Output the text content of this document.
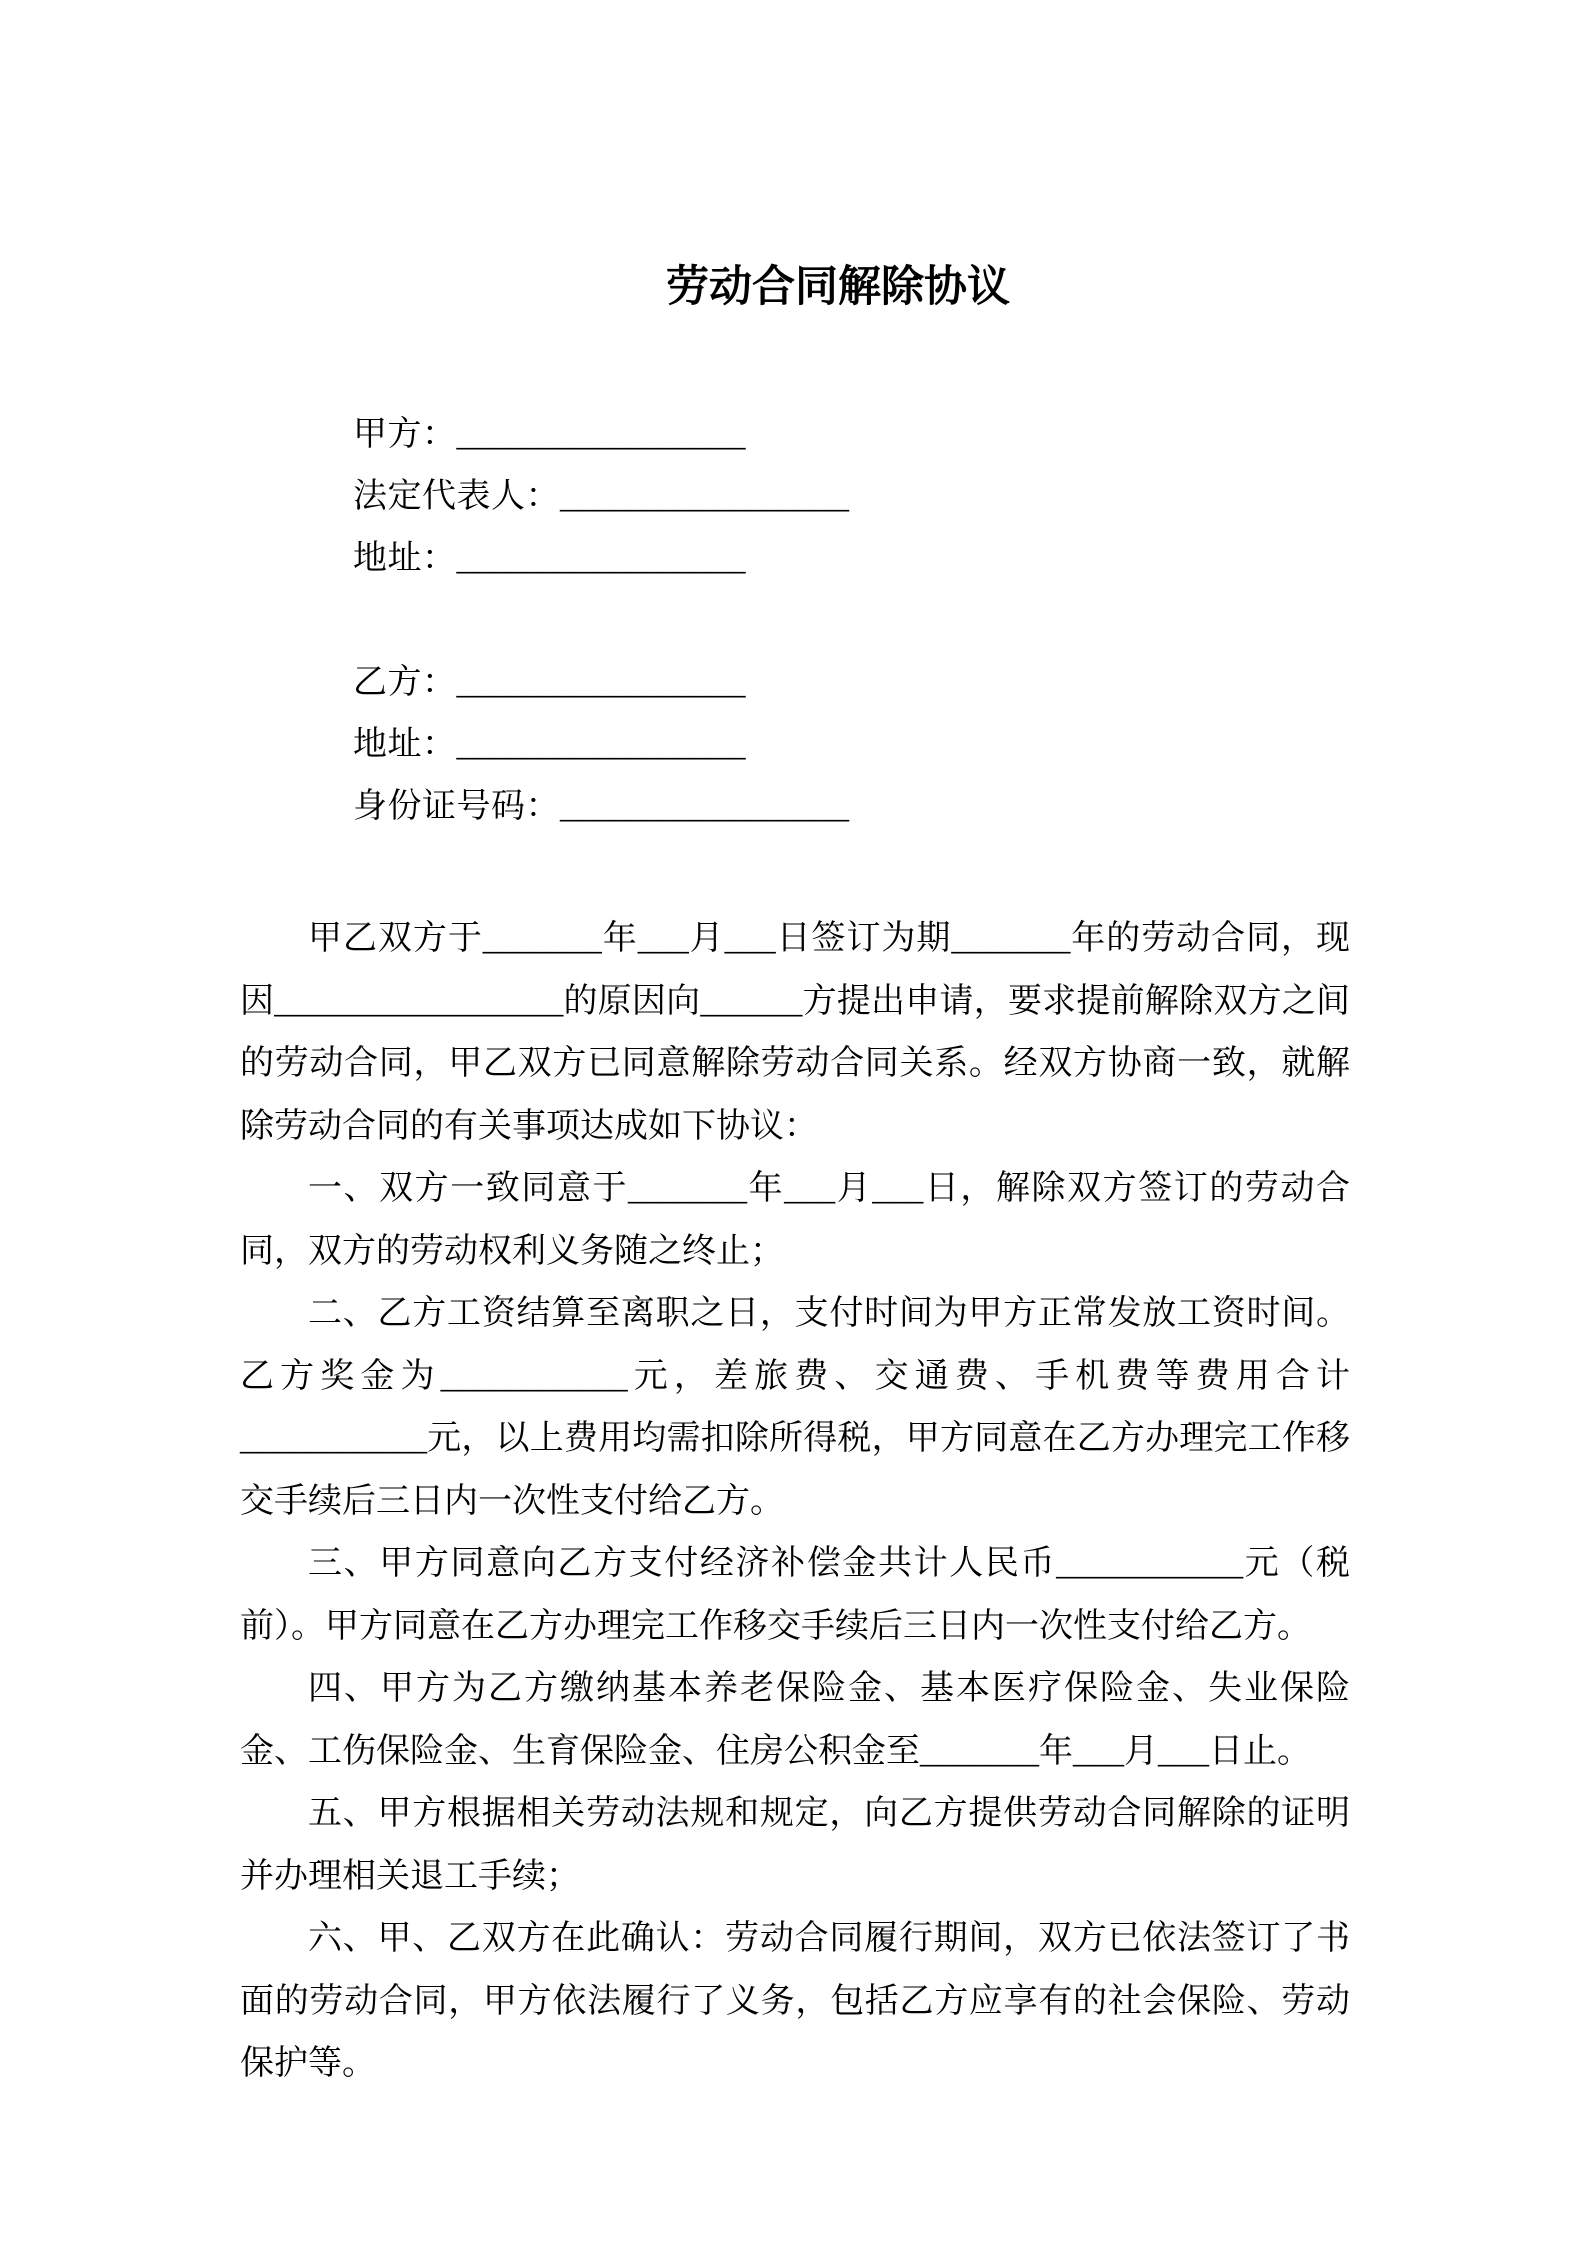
劳动合同解除协议
甲方：_________________
法定代表人：_________________
地址：_________________
乙方：_________________
地址：_________________
身份证号码：_________________

甲乙双方于_______年___月___日签订为期_______年的劳动合同，现因_________________的原因向______方提出申请，要求提前解除双方之间的劳动合同，甲乙双方已同意解除劳动合同关系。经双方协商一致，就解除劳动合同的有关事项达成如下协议：

一、双方一致同意于_______年___月___日，解除双方签订的劳动合同，双方的劳动权利义务随之终止；

二、乙方工资结算至离职之日，支付时间为甲方正常发放工资时间。乙方奖金为___________元，差旅费、交通费、手机费等费用合计 ___________元，以上费用均需扣除所得税，甲方同意在乙方办理完工作移交手续后三日内一次性支付给乙方。

三、甲方同意向乙方支付经济补偿金共计人民币___________元（税前）。甲方同意在乙方办理完工作移交手续后三日内一次性支付给乙方。

四、甲方为乙方缴纳基本养老保险金、基本医疗保险金、失业保险金、工伤保险金、生育保险金、住房公积金至_______年___月___日止。

五、甲方根据相关劳动法规和规定，向乙方提供劳动合同解除的证明并办理相关退工手续；

六、甲、乙双方在此确认：劳动合同履行期间，双方已依法签订了书面的劳动合同，甲方依法履行了义务，包括乙方应享有的社会保险、劳动保护等。
